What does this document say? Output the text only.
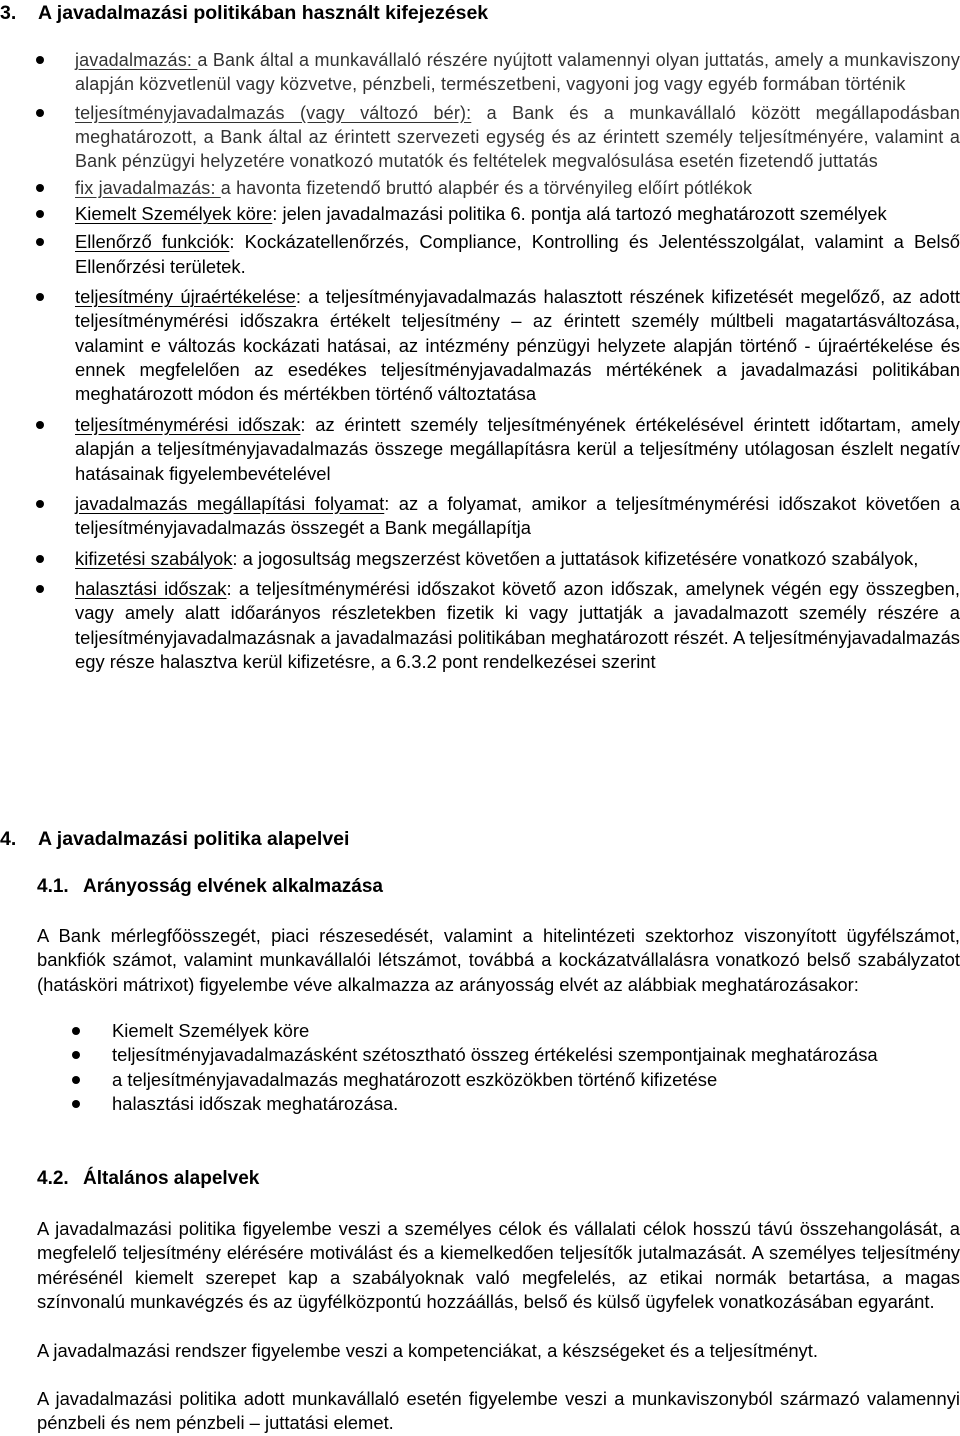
3. A javadalmazási politikában használt kifejezések
javadalmazás: a Bank által a munkavállaló részére nyújtott valamennyi olyan juttatás, amely a munkaviszony alapján közvetlenül vagy közvetve, pénzbeli, természetbeni, vagyoni jog vagy egyéb formában történik
teljesítményjavadalmazás (vagy változó bér): a Bank és a munkavállaló között megállapodásban meghatározott, a Bank által az érintett szervezeti egység és az érintett személy teljesítményére, valamint a Bank pénzügyi helyzetére vonatkozó mutatók és feltételek megvalósulása esetén fizetendő juttatás
fix javadalmazás: a havonta fizetendő bruttó alapbér és a törvényileg előírt pótlékok
Kiemelt Személyek köre: jelen javadalmazási politika 6. pontja alá tartozó meghatározott személyek
Ellenőrző funkciók: Kockázatellenőrzés, Compliance, Kontrolling és Jelentésszolgálat, valamint a Belső Ellenőrzési területek.
teljesítmény újraértékelése: a teljesítményjavadalmazás halasztott részének kifizetését megelőző, az adott teljesítménymérési időszakra értékelt teljesítmény – az érintett személy múltbeli magatartásváltozása, valamint e változás kockázati hatásai, az intézmény pénzügyi helyzete alapján történő - újraértékelése és ennek megfelelően az esedékes teljesítményjavadalmazás mértékének a javadalmazási politikában meghatározott módon és mértékben történő változtatása
teljesítménymérési időszak: az érintett személy teljesítményének értékelésével érintett időtartam, amely alapján a teljesítményjavadalmazás összege megállapításra kerül a teljesítmény utólagosan észlelt negatív hatásainak figyelembevételével
javadalmazás megállapítási folyamat: az a folyamat, amikor a teljesítménymérési időszakot követően a teljesítményjavadalmazás összegét a Bank megállapítja
kifizetési szabályok: a jogosultság megszerzést követően a juttatások kifizetésére vonatkozó szabályok,
halasztási időszak: a teljesítménymérési időszakot követő azon időszak, amelynek végén egy összegben, vagy amely alatt időarányos részletekben fizetik ki vagy juttatják a javadalmazott személy részére a teljesítményjavadalmazásnak a javadalmazási politikában meghatározott részét. A teljesítményjavadalmazás egy része halasztva kerül kifizetésre, a 6.3.2 pont rendelkezései szerint
4. A javadalmazási politika alapelvei
4.1. Arányosság elvének alkalmazása
A Bank mérlegfőösszegét, piaci részesedését, valamint a hitelintézeti szektorhoz viszonyított ügyfélszámot, bankfiók számot, valamint munkavállalói létszámot, továbbá a kockázatvállalásra vonatkozó belső szabályzatot (hatásköri mátrixot) figyelembe véve alkalmazza az arányosság elvét az alábbiak meghatározásakor:
Kiemelt Személyek köre
teljesítményjavadalmazásként szétosztható összeg értékelési szempontjainak meghatározása
a teljesítményjavadalmazás meghatározott eszközökben történő kifizetése
halasztási időszak meghatározása.
4.2. Általános alapelvek
A javadalmazási politika figyelembe veszi a személyes célok és vállalati célok hosszú távú összehangolását, a megfelelő teljesítmény elérésére motiválást és a kiemelkedően teljesítők jutalmazását. A személyes teljesítmény mérésénél kiemelt szerepet kap a szabályoknak való megfelelés, az etikai normák betartása, a magas színvonalú munkavégzés és az ügyfélközpontú hozzáállás, belső és külső ügyfelek vonatkozásában egyaránt.
A javadalmazási rendszer figyelembe veszi a kompetenciákat, a készségeket és a teljesítményt.
A javadalmazási politika adott munkavállaló esetén figyelembe veszi a munkaviszonyból származó valamennyi pénzbeli és nem pénzbeli – juttatási elemet.
